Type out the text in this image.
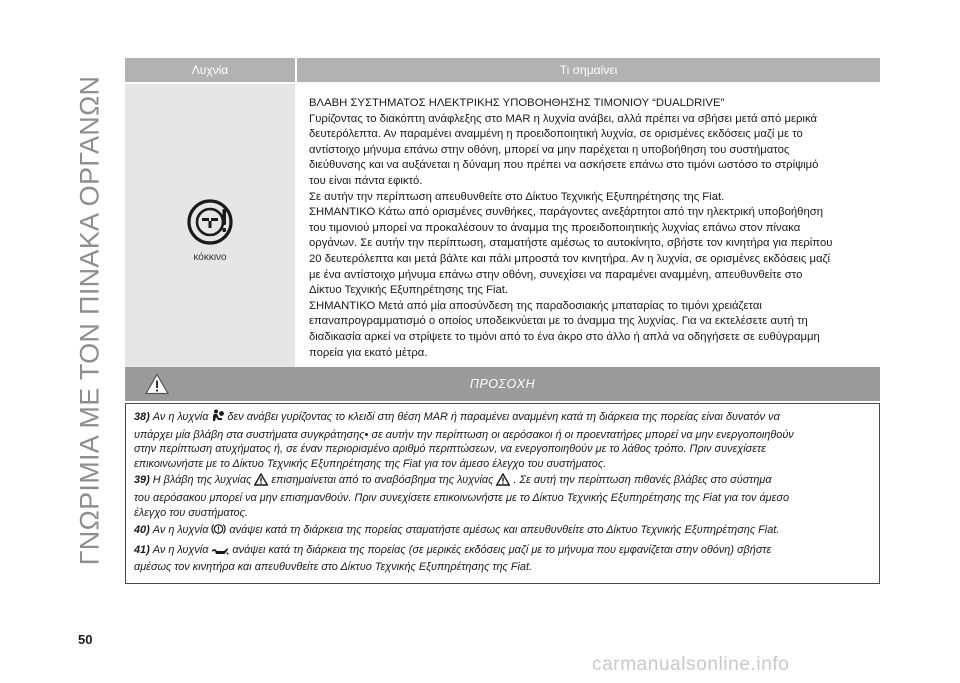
ΓΝΩΡΙΜΙΑ ΜΕ ΤΟΝ ΠΙΝΑΚΑ ΟΡΓΑΝΩΝ
Λυχνία	Τι σημαίνει
κόκκινο
ΒΛΑΒΗ ΣΥΣΤΗΜΑΤΟΣ ΗΛΕΚΤΡΙΚΗΣ ΥΠΟΒΟΗΘΗΣΗΣ ΤΙΜΟΝΙΟΥ “DUALDRIVE”
Γυρίζοντας το διακόπτη ανάφλεξης στο MAR η λυχνία ανάβει, αλλά πρέπει να σβήσει μετά από μερικά
δευτερόλεπτα. Αν παραμένει αναμμένη η προειδοποιητική λυχνία, σε ορισμένες εκδόσεις μαζί με το
αντίστοιχο μήνυμα επάνω στην οθόνη, μπορεί να μην παρέχεται η υποβοήθηση του συστήματος
διεύθυνσης και να αυξάνεται η δύναμη που πρέπει να ασκήσετε επάνω στο τιμόνι ωστόσο το στρίψιμό
του είναι πάντα εφικτό.
Σε αυτήν την περίπτωση απευθυνθείτε στο Δίκτυο Τεχνικής Εξυπηρέτησης της Fiat.
ΣΗΜΑΝΤΙΚΟ Κάτω από ορισμένες συνθήκες, παράγοντες ανεξάρτητοι από την ηλεκτρική υποβοήθηση
του τιμονιού μπορεί να προκαλέσουν το άναμμα της προειδοποιητικής λυχνίας επάνω στον πίνακα
οργάνων. Σε αυτήν την περίπτωση, σταματήστε αμέσως το αυτοκίνητο, σβήστε τον κινητήρα για περίπου
20 δευτερόλεπτα και μετά βάλτε και πάλι μπροστά τον κινητήρα. Αν η λυχνία, σε ορισμένες εκδόσεις μαζί
με ένα αντίστοιχο μήνυμα επάνω στην οθόνη, συνεχίσει να παραμένει αναμμένη, απευθυνθείτε στο
Δίκτυο Τεχνικής Εξυπηρέτησης της Fiat.
ΣΗΜΑΝΤΙΚΟ Μετά από μία αποσύνδεση της παραδοσιακής μπαταρίας το τιμόνι χρειάζεται
επαναπρογραμματισμό ο οποίος υποδεικνύεται με το άναμμα της λυχνίας. Για να εκτελέσετε αυτή τη
διαδικασία αρκεί να στρίψετε το τιμόνι από το ένα άκρο στο άλλο ή απλά να οδηγήσετε σε ευθύγραμμη
πορεία για εκατό μέτρα.
ΠΡΟΣΟΧΗ
38) Αν η λυχνία δεν ανάβει γυρίζοντας το κλειδί στη θέση MAR ή παραμένει αναμμένη κατά τη διάρκεια της πορείας είναι δυνατόν να
υπάρχει μία βλάβη στα συστήματα συγκράτησης• σε αυτήν την περίπτωση οι αερόσακοι ή οι προεντατήρες μπορεί να μην ενεργοποιηθούν
στην περίπτωση ατυχήματος ή, σε έναν περιορισμένο αριθμό περιπτώσεων, να ενεργοποιηθούν με το λάθος τρόπο. Πριν συνεχίσετε
επικοινωνήστε με το Δίκτυο Τεχνικής Εξυπηρέτησης της Fiat για τον άμεσο έλεγχο του συστήματος.
39) Η βλάβη της λυχνίας επισημαίνεται από το αναβόσβημα της λυχνίας . Σε αυτή την περίπτωση πιθανές βλάβες στο σύστημα
του αερόσακου μπορεί να μην επισημανθούν. Πριν συνεχίσετε επικοινωνήστε με το Δίκτυο Τεχνικής Εξυπηρέτησης της Fiat για τον άμεσο
έλεγχο του συστήματος.
40) Αν η λυχνία ανάψει κατά τη διάρκεια της πορείας σταματήστε αμέσως και απευθυνθείτε στο Δίκτυο Τεχνικής Εξυπηρέτησης Fiat.
41) Αν η λυχνία ανάψει κατά τη διάρκεια της πορείας (σε μερικές εκδόσεις μαζί με το μήνυμα που εμφανίζεται στην οθόνη) σβήστε
αμέσως τον κινητήρα και απευθυνθείτε στο Δίκτυο Τεχνικής Εξυπηρέτησης της Fiat.
50
carmanualsonline.info
